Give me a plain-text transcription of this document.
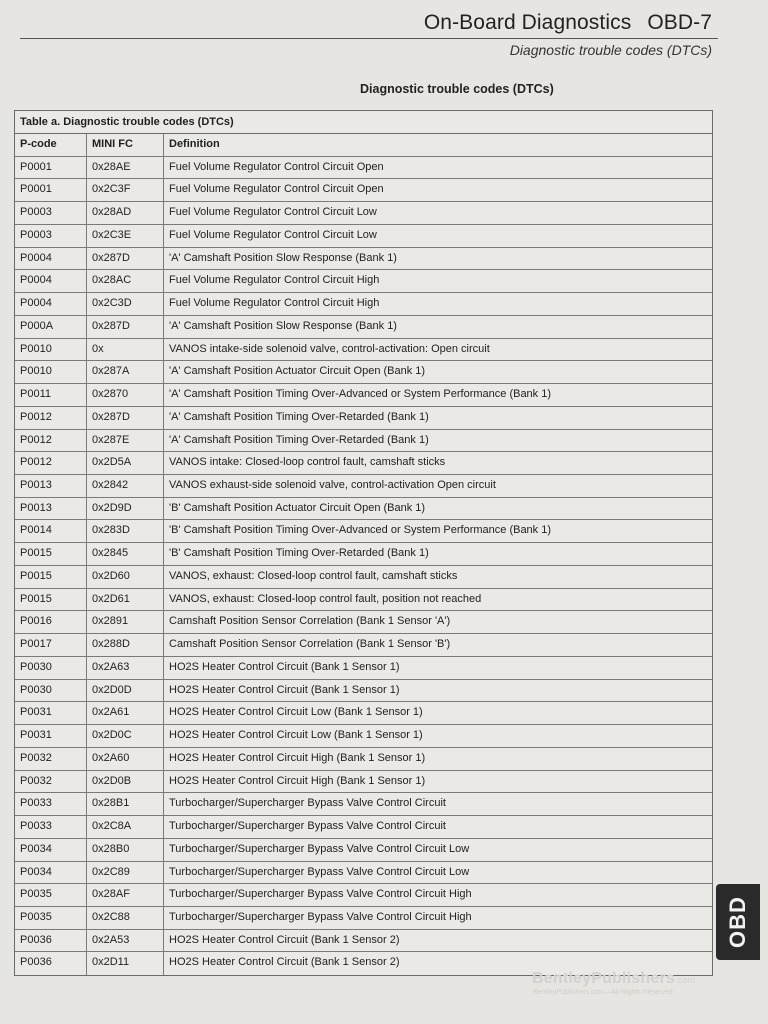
On-Board Diagnostics OBD-7
Diagnostic trouble codes (DTCs)
Diagnostic trouble codes (DTCs)
Table a. Diagnostic trouble codes (DTCs)
P-code	MINI FC	Definition
P0001	0x28AE	Fuel Volume Regulator Control Circuit Open
P0001	0x2C3F	Fuel Volume Regulator Control Circuit Open
P0003	0x28AD	Fuel Volume Regulator Control Circuit Low
P0003	0x2C3E	Fuel Volume Regulator Control Circuit Low
P0004	0x287D	'A' Camshaft Position Slow Response (Bank 1)
P0004	0x28AC	Fuel Volume Regulator Control Circuit High
P0004	0x2C3D	Fuel Volume Regulator Control Circuit High
P000A	0x287D	'A' Camshaft Position Slow Response (Bank 1)
P0010	0x	VANOS intake-side solenoid valve, control-activation: Open circuit
P0010	0x287A	'A' Camshaft Position Actuator Circuit Open (Bank 1)
P0011	0x2870	'A' Camshaft Position Timing Over-Advanced or System Performance (Bank 1)
P0012	0x287D	'A' Camshaft Position Timing Over-Retarded (Bank 1)
P0012	0x287E	'A' Camshaft Position Timing Over-Retarded (Bank 1)
P0012	0x2D5A	VANOS intake: Closed-loop control fault, camshaft sticks
P0013	0x2842	VANOS exhaust-side solenoid valve, control-activation Open circuit
P0013	0x2D9D	'B' Camshaft Position Actuator Circuit Open (Bank 1)
P0014	0x283D	'B' Camshaft Position Timing Over-Advanced or System Performance (Bank 1)
P0015	0x2845	'B' Camshaft Position Timing Over-Retarded (Bank 1)
P0015	0x2D60	VANOS, exhaust: Closed-loop control fault, camshaft sticks
P0015	0x2D61	VANOS, exhaust: Closed-loop control fault, position not reached
P0016	0x2891	Camshaft Position Sensor Correlation (Bank 1 Sensor 'A')
P0017	0x288D	Camshaft Position Sensor Correlation (Bank 1 Sensor 'B')
P0030	0x2A63	HO2S Heater Control Circuit (Bank 1 Sensor 1)
P0030	0x2D0D	HO2S Heater Control Circuit (Bank 1 Sensor 1)
P0031	0x2A61	HO2S Heater Control Circuit Low (Bank 1 Sensor 1)
P0031	0x2D0C	HO2S Heater Control Circuit Low (Bank 1 Sensor 1)
P0032	0x2A60	HO2S Heater Control Circuit High (Bank 1 Sensor 1)
P0032	0x2D0B	HO2S Heater Control Circuit High (Bank 1 Sensor 1)
P0033	0x28B1	Turbocharger/Supercharger Bypass Valve Control Circuit
P0033	0x2C8A	Turbocharger/Supercharger Bypass Valve Control Circuit
P0034	0x28B0	Turbocharger/Supercharger Bypass Valve Control Circuit Low
P0034	0x2C89	Turbocharger/Supercharger Bypass Valve Control Circuit Low
P0035	0x28AF	Turbocharger/Supercharger Bypass Valve Control Circuit High
P0035	0x2C88	Turbocharger/Supercharger Bypass Valve Control Circuit High
P0036	0x2A53	HO2S Heater Control Circuit (Bank 1 Sensor 2)
P0036	0x2D11	HO2S Heater Control Circuit (Bank 1 Sensor 2)
OBD
BentleyPublishers.com
BentleyPublishers.com—All Rights Reserved
